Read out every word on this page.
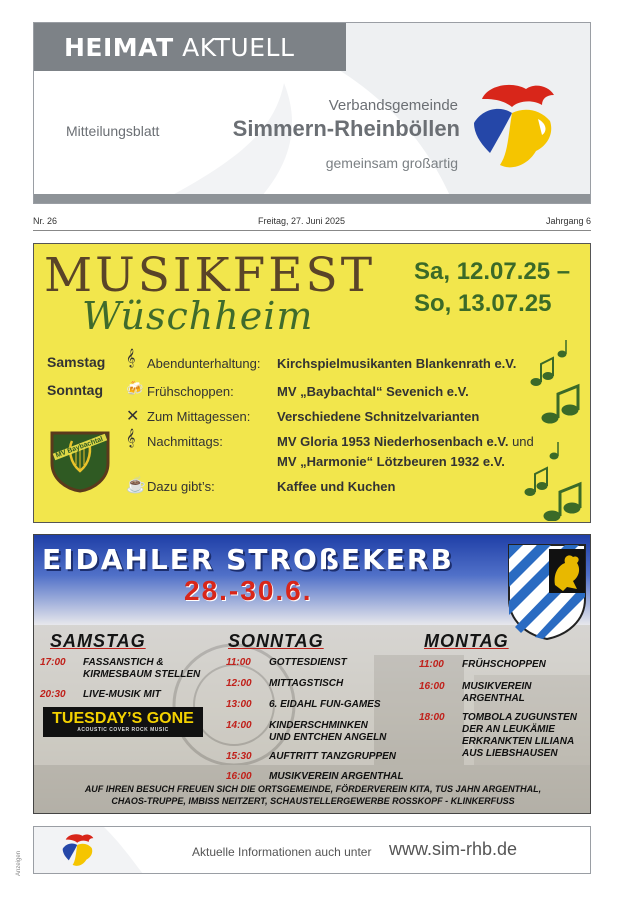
HEIMAT AKTUELL
Mitteilungsblatt
Verbandsgemeinde
Simmern-Rheinböllen
gemeinsam großartig
Nr. 26	Freitag, 27. Juni 2025	Jahrgang 6
MUSIKFEST
Wüschheim
Sa, 12.07.25 –
So, 13.07.25
Samstag 𝄞 Abendunterhaltung: Kirchspielmusikanten Blankenrath e.V.
Sonntag 🍻 Frühschoppen:	MV „Baybachtal“ Sevenich e.V.
✕ Zum Mittagessen: Verschiedene Schnitzelvarianten
𝄞 Nachmittags:	MV Gloria 1953 Niederhosenbach e.V. und
MV „Harmonie“ Lötzbeuren 1932 e.V.
☕ Dazu gibt’s:	Kaffee und Kuchen
MV Baybachtal
EIDAHLER STROßEKERB
28.-30.6.
SAMSTAG
17:00 FASSANSTICH &
KIRMESBAUM STELLEN
20:30 LIVE-MUSIK MIT
TUESDAY’S GONE
ACOUSTIC COVER ROCK MUSIC
SONNTAG
11:00 GOTTESDIENST
12:00 MITTAGSTISCH
13:00 6. EIDAHL FUN-GAMES
14:00 KINDERSCHMINKEN
UND ENTCHEN ANGELN
15:30 AUFTRITT TANZGRUPPEN
16:00 MUSIKVEREIN ARGENTHAL
MONTAG
11:00 FRÜHSCHOPPEN
16:00 MUSIKVEREIN
ARGENTHAL
18:00 TOMBOLA ZUGUNSTEN
DER AN LEUKÄMIE
ERKRANKTEN LILIANA
AUS LIEBSHAUSEN
AUF IHREN BESUCH FREUEN SICH DIE ORTSGEMEINDE, FÖRDERVEREIN KITA, TUS JAHN ARGENTHAL,
CHAOS-TRUPPE, IMBISS NEITZERT, SCHAUSTELLERGEWERBE ROSSKOPF - KLINKERFUSS
Aktuelle Informationen auch unter www.sim-rhb.de
Anzeigen
